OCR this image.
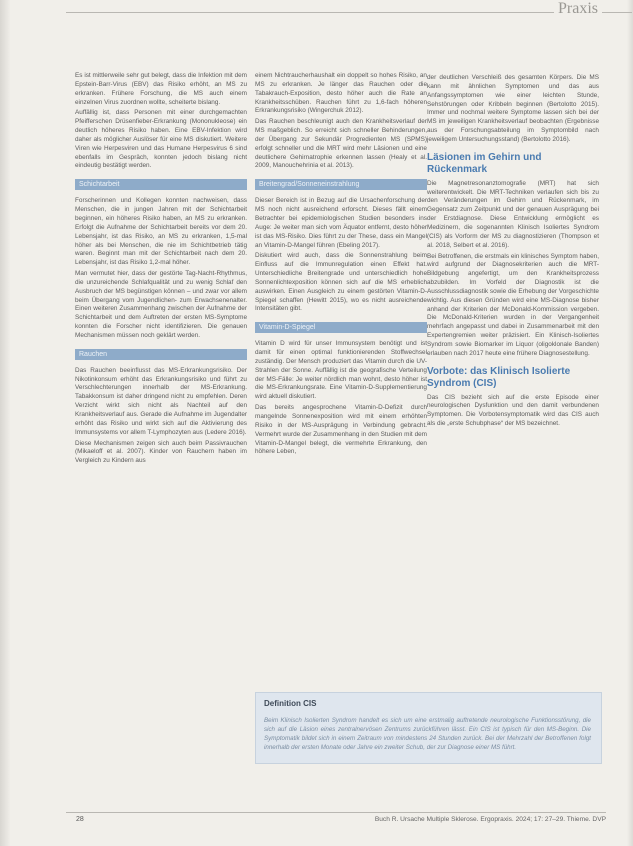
Praxis

Es ist mittlerweile sehr gut belegt, dass die Infektion mit dem Epstein-Barr-Virus (EBV) das Risiko erhöht, an MS zu erkranken. Frühere Forschung, die MS auch einem einzelnen Virus zuordnen wollte, scheiterte bislang.

Auffällig ist, dass Personen mit einer durchgemachten Pfeifferschen Drüsenfieber-Erkrankung (Mononukleose) ein deutlich höheres Risiko haben. Eine EBV-Infektion wird daher als möglicher Auslöser für eine MS diskutiert. Weitere Viren wie Herpesviren und das Humane Herpesvirus 6 sind ebenfalls im Gespräch, konnten jedoch bislang nicht eindeutig bestätigt werden.

Schichtarbeit

Forscherinnen und Kollegen konnten nachweisen, dass Menschen, die in jungen Jahren mit der Schichtarbeit beginnen, ein höheres Risiko haben, an MS zu erkranken. Erfolgt die Aufnahme der Schichtarbeit bereits vor dem 20. Lebensjahr, ist das Risiko, an MS zu erkranken, 1,5-mal höher als bei Menschen, die nie im Schichtbetrieb tätig waren. Beginnt man mit der Schichtarbeit nach dem 20. Lebensjahr, ist das Risiko 1,2-mal höher.

Man vermutet hier, dass der gestörte Tag-Nacht-Rhythmus, die unzureichende Schlafqualität und zu wenig Schlaf den Ausbruch der MS begünstigen können – und zwar vor allem beim Übergang vom Jugendlichen- zum Erwachsenenalter. Einen weiteren Zusammenhang zwischen der Aufnahme der Schichtarbeit und dem Auftreten der ersten MS-Symptome konnten die Forscher nicht identifizieren. Die genauen Mechanismen müssen noch geklärt werden.

Rauchen

Das Rauchen beeinflusst das MS-Erkrankungsrisiko. Der Nikotinkonsum erhöht das Erkrankungsrisiko und führt zu Verschlechterungen innerhalb der MS-Erkrankung. Tabakkonsum ist daher dringend nicht zu empfehlen. Deren Verzicht wirkt sich nicht als Nachteil auf den Krankheitsverlauf aus. Gerade die Aufnahme im Jugendalter erhöht das Risiko und wirkt sich auf die Aktivierung des Immunsystems vor allem T-Lymphozyten aus (Ledere 2016).

Diese Mechanismen zeigen sich auch beim Passivrauchen (Mikaeloff et al. 2007). Kinder von Rauchern haben im Vergleich zu Kindern aus

einem Nichtraucherhaushalt ein doppelt so hohes Risiko, an MS zu erkranken. Je länger das Rauchen oder die Tabakrauch-Exposition, desto höher auch die Rate an Krankheitsschüben. Rauchen führt zu 1,6-fach höheren Erkrankungsrisiko (Wingerchuk 2012).

Das Rauchen beschleunigt auch den Krankheitsverlauf der MS maßgeblich. So erreicht sich schneller Behinderungen, der Übergang zur Sekundär Progredienten MS (SPMS) erfolgt schneller und die MRT wird mehr Läsionen und eine deutlichere Gehirnatrophie erkennen lassen (Healy et al. 2009, Manouchehrinia et al. 2013).

Breitengrad/Sonneneinstrahlung

Dieser Bereich ist in Bezug auf die Ursachenforschung der MS noch nicht ausreichend erforscht. Dieses fällt einem Betrachter bei epidemiologischen Studien besonders ins Auge: Je weiter man sich vom Äquator entfernt, desto höher ist das MS-Risiko. Dies führt zu der These, dass ein Mangel an Vitamin-D-Mangel führen (Ebeling 2017).

Diskutiert wird auch, dass die Sonnenstrahlung beim Einfluss auf die Immunregulation einen Effekt hat. Unterschiedliche Breitengrade und unterschiedlich hohe Sonnenlichtexposition können sich auf die MS erheblich auswirken. Einen Ausgleich zu einem gestörten Vitamin-D-Spiegel schaffen (Hewitt 2015), wo es nicht ausreichende Intensitäten gibt.

Vitamin-D-Spiegel

Vitamin D wird für unser Immunsystem benötigt und ist damit für einen optimal funktionierenden Stoffwechsel zuständig. Der Mensch produziert das Vitamin durch die UV-Strahlen der Sonne. Auffällig ist die geografische Verteilung der MS-Fälle: Je weiter nördlich man wohnt, desto höher ist die MS-Erkrankungsrate. Eine Vitamin-D-Supplementierung wird aktuell diskutiert.

Das bereits angesprochene Vitamin-D-Defizit durch mangelnde Sonnenexposition wird mit einem erhöhten Risiko in der MS-Ausprägung in Verbindung gebracht. Vermehrt wurde der Zusammenhang in den Studien mit dem Vitamin-D-Mangel belegt, die vermehrte Erkrankung, den höhere Leben,

der deutlichen Verschleiß des gesamten Körpers. Die MS kann mit ähnlichen Symptomen und das aus Anfangssymptomen wie einer leichten Stunde, Sehstörungen oder Kribbeln beginnen (Bertolotto 2015). Immer und nochmal weitere Symptome lassen sich bei der MS im jeweiligen Krankheitsverlauf beobachten (Ergebnisse aus der Forschungsabteilung im Symptombild nach jeweiligem Untersuchungsstand) (Bertolotto 2016).

Läsionen im Gehirn und Rückenmark

Die Magnetresonanztomografie (MRT) hat sich weiterentwickelt. Die MRT-Techniken verlaufen sich bis zu den Veränderungen im Gehirn und Rückenmark, im Gegensatz zum Zeitpunkt und der genauen Ausprägung bei der Erstdiagnose. Diese Entwicklung ermöglicht es Medizinern, die sogenannten Klinisch Isoliertes Syndrom (CIS) als Vorform der MS zu diagnostizieren (Thompson et al. 2018, Selbert et al. 2016).

Bei Betroffenen, die erstmals ein klinisches Symptom haben, wird aufgrund der Diagnosekriterien auch die MRT-Bildgebung angefertigt, um den Krankheitsprozess abzubilden. Im Vorfeld der Diagnostik ist die Ausschlussdiagnostik sowie die Erhebung der Vorgeschichte wichtig. Aus diesen Gründen wird eine MS-Diagnose bisher anhand der Kriterien der McDonald-Kommission vergeben. Die McDonald-Kriterien wurden in der Vergangenheit mehrfach angepasst und dabei in Zusammenarbeit mit den Expertengremien weiter präzisiert. Ein Klinisch-Isoliertes Syndrom sowie Biomarker im Liquor (oligoklonale Banden) erlauben nach 2017 heute eine frühere Diagnosestellung.

Vorbote: das Klinisch Isolierte Syndrom (CIS)

Das CIS bezieht sich auf die erste Episode einer neurologischen Dysfunktion und den damit verbundenen Symptomen. Die Vorbotensymptomatik wird das CIS auch als die „erste Schubphase“ der MS bezeichnet.

Definition CIS
Beim Klinisch Isolierten Syndrom handelt es sich um eine erstmalig auftretende neurologische Funktionsstörung, die sich auf die Läsion eines zentralnervösen Zentrums zurückführen lässt. Ein CIS ist typisch für den MS-Beginn. Die Symptomatik bildet sich in einem Zeitraum von mindestens 24 Stunden zurück. Bei der Mehrzahl der Betroffenen folgt innerhalb der ersten Monate oder Jahre ein zweiter Schub, der zur Diagnose einer MS führt.
28	Buch R. Ursache Multiple Sklerose. Ergopraxis. 2024; 17: 27–29. Thieme. DVP
